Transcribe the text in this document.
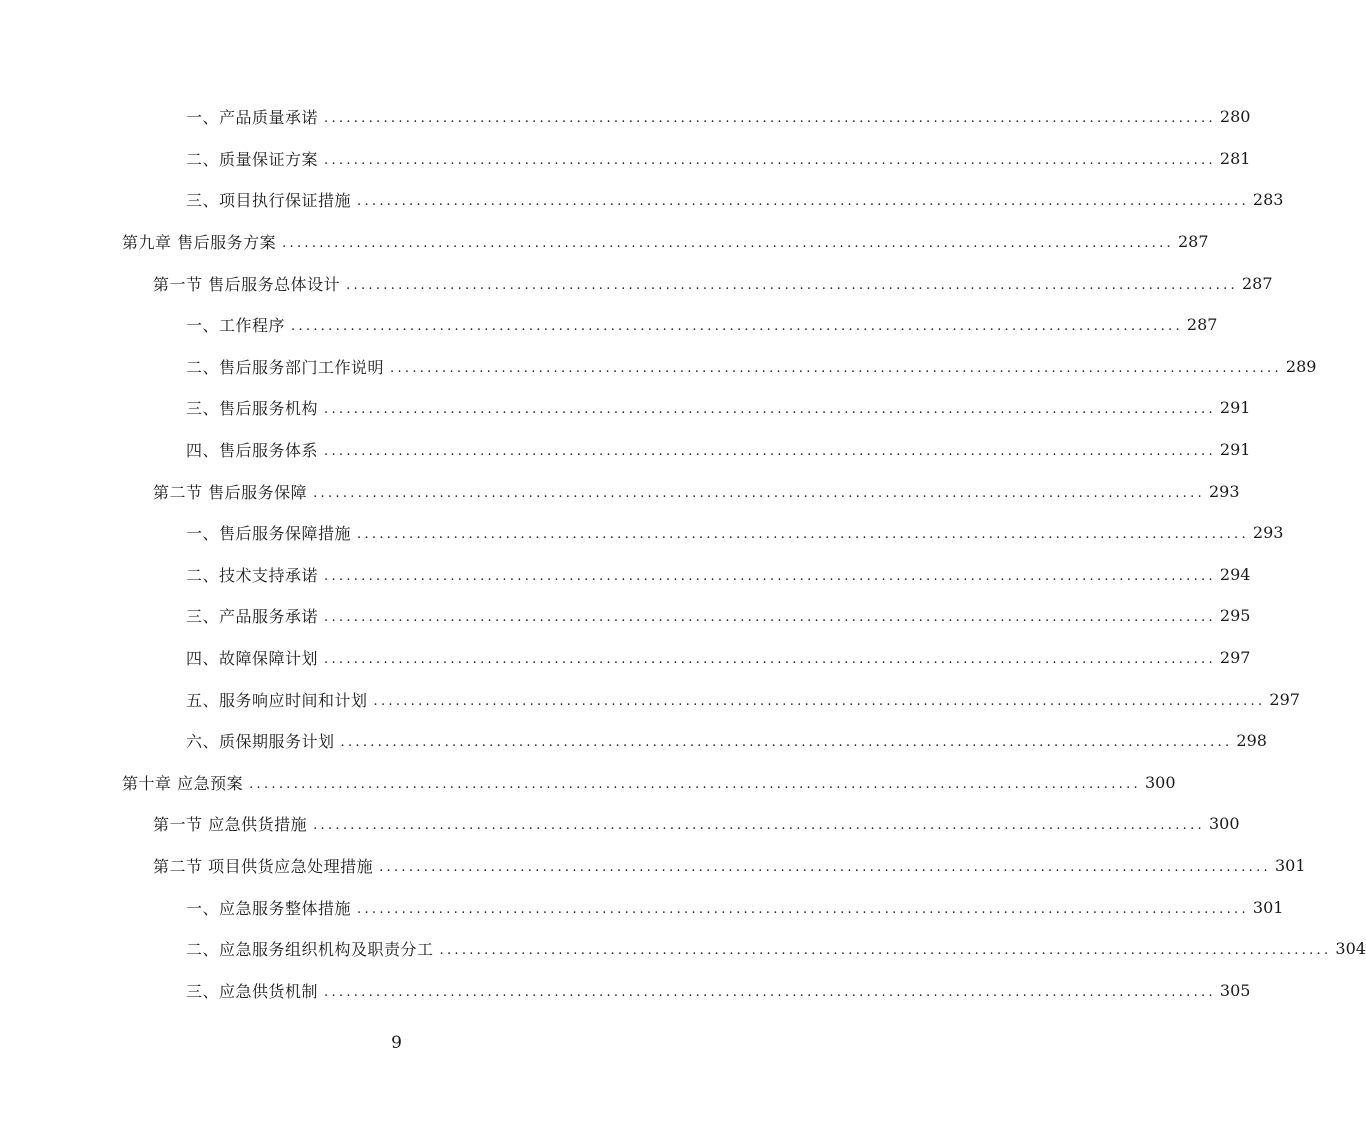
一、产品质量承诺 ........................................................................................................................ 280
二、质量保证方案 ........................................................................................................................ 281
三、项目执行保证措施 ........................................................................................................................ 283
第九章 售后服务方案 ........................................................................................................................ 287
第一节 售后服务总体设计 ........................................................................................................................ 287
一、工作程序 ........................................................................................................................ 287
二、售后服务部门工作说明 ........................................................................................................................ 289
三、售后服务机构 ........................................................................................................................ 291
四、售后服务体系 ........................................................................................................................ 291
第二节 售后服务保障 ........................................................................................................................ 293
一、售后服务保障措施 ........................................................................................................................ 293
二、技术支持承诺 ........................................................................................................................ 294
三、产品服务承诺 ........................................................................................................................ 295
四、故障保障计划 ........................................................................................................................ 297
五、服务响应时间和计划 ........................................................................................................................ 297
六、质保期服务计划 ........................................................................................................................ 298
第十章 应急预案 ........................................................................................................................ 300
第一节 应急供货措施 ........................................................................................................................ 300
第二节 项目供货应急处理措施 ........................................................................................................................ 301
一、应急服务整体措施 ........................................................................................................................ 301
二、应急服务组织机构及职责分工 ........................................................................................................................ 304
三、应急供货机制 ........................................................................................................................ 305
9
